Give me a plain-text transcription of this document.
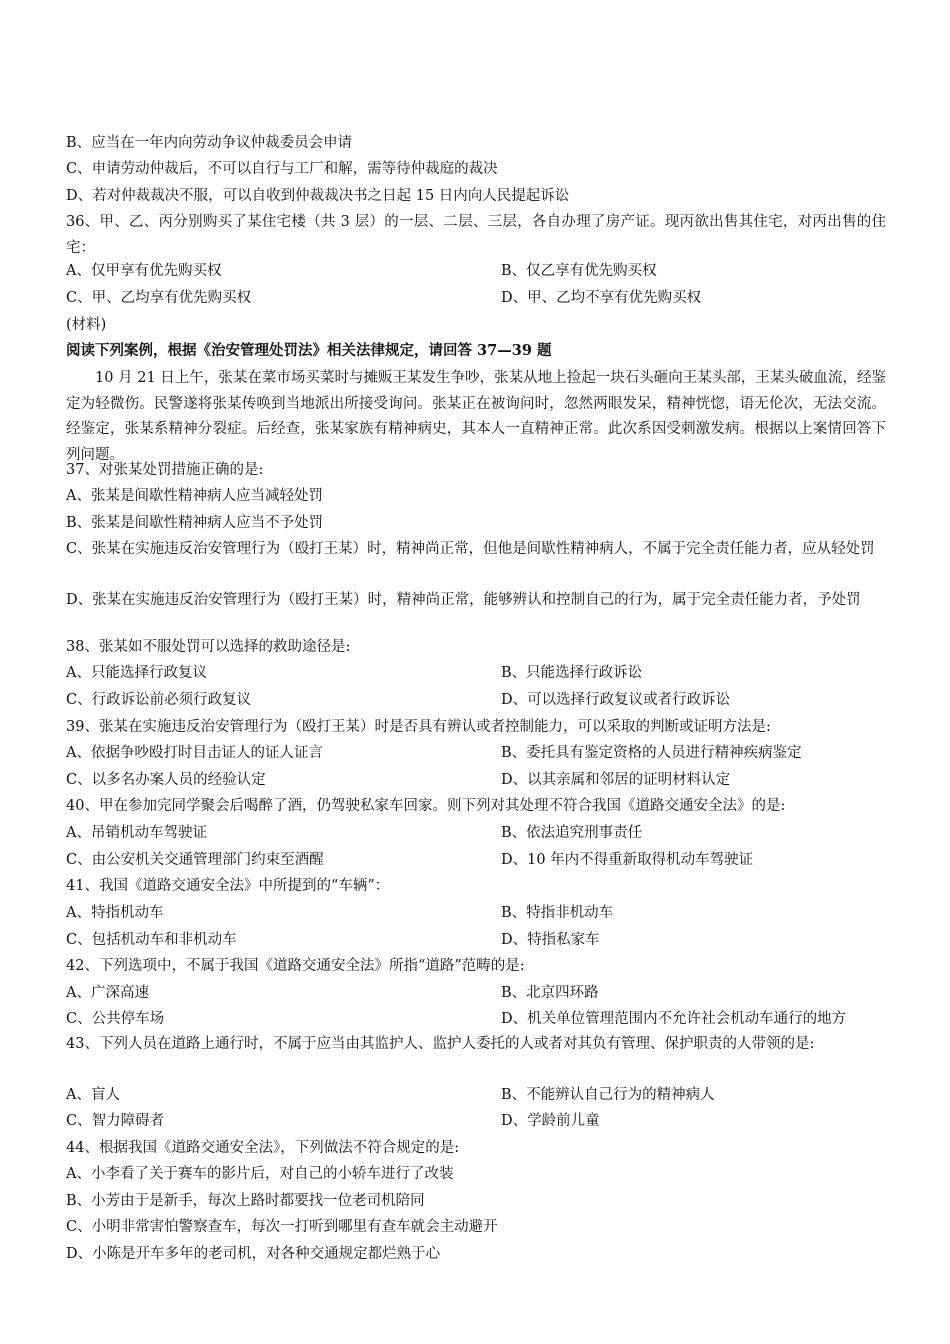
B、应当在一年内向劳动争议仲裁委员会申请
C、申请劳动仲裁后，不可以自行与工厂和解，需等待仲裁庭的裁决
D、若对仲裁裁决不服，可以自收到仲裁裁决书之日起 15 日内向人民提起诉讼
36、甲、乙、丙分别购买了某住宅楼（共 3 层）的一层、二层、三层，各自办理了房产证。现丙欲出售其住宅，对丙出售的住宅：
A、仅甲享有优先购买权	B、仅乙享有优先购买权
C、甲、乙均享有优先购买权	D、甲、乙均不享有优先购买权
(材料)
阅读下列案例，根据《治安管理处罚法》相关法律规定，请回答 37—39 题
10 月 21 日上午，张某在菜市场买菜时与摊贩王某发生争吵，张某从地上捡起一块石头砸向王某头部，王某头破血流，经鉴定为轻微伤。民警遂将张某传唤到当地派出所接受询问。张某正在被询问时，忽然两眼发呆，精神恍惚，语无伦次，无法交流。经鉴定，张某系精神分裂症。后经查，张某家族有精神病史，其本人一直精神正常。此次系因受刺激发病。根据以上案情回答下列问题。
37、对张某处罚措施正确的是:
A、张某是间歇性精神病人应当减轻处罚
B、张某是间歇性精神病人应当不予处罚
C、张某在实施违反治安管理行为（殴打王某）时，精神尚正常，但他是间歇性精神病人，不属于完全责任能力者，应从轻处罚
D、张某在实施违反治安管理行为（殴打王某）时，精神尚正常，能够辨认和控制自己的行为，属于完全责任能力者，予处罚
38、张某如不服处罚可以选择的救助途径是:
A、只能选择行政复议	B、只能选择行政诉讼
C、行政诉讼前必须行政复议	D、可以选择行政复议或者行政诉讼
39、张某在实施违反治安管理行为（殴打王某）时是否具有辨认或者控制能力，可以采取的判断或证明方法是:
A、依据争吵殴打时目击证人的证人证言	B、委托具有鉴定资格的人员进行精神疾病鉴定
C、以多名办案人员的经验认定	D、以其亲属和邻居的证明材料认定
40、甲在参加完同学聚会后喝醉了酒，仍驾驶私家车回家。则下列对其处理不符合我国《道路交通安全法》的是:
A、吊销机动车驾驶证	B、依法追究刑事责任
C、由公安机关交通管理部门约束至酒醒	D、10 年内不得重新取得机动车驾驶证
41、我国《道路交通安全法》中所提到的“车辆”：
A、特指机动车	B、特指非机动车
C、包括机动车和非机动车	D、特指私家车
42、下列选项中，不属于我国《道路交通安全法》所指“道路”范畴的是:
A、广深高速	B、北京四环路
C、公共停车场	D、机关单位管理范围内不允许社会机动车通行的地方
43、下列人员在道路上通行时，不属于应当由其监护人、监护人委托的人或者对其负有管理、保护职责的人带领的是:
A、盲人	B、不能辨认自己行为的精神病人
C、智力障碍者	D、学龄前儿童
44、根据我国《道路交通安全法》，下列做法不符合规定的是:
A、小李看了关于赛车的影片后，对自己的小轿车进行了改装
B、小芳由于是新手，每次上路时都要找一位老司机陪同
C、小明非常害怕警察查车，每次一打听到哪里有查车就会主动避开
D、小陈是开车多年的老司机，对各种交通规定都烂熟于心
